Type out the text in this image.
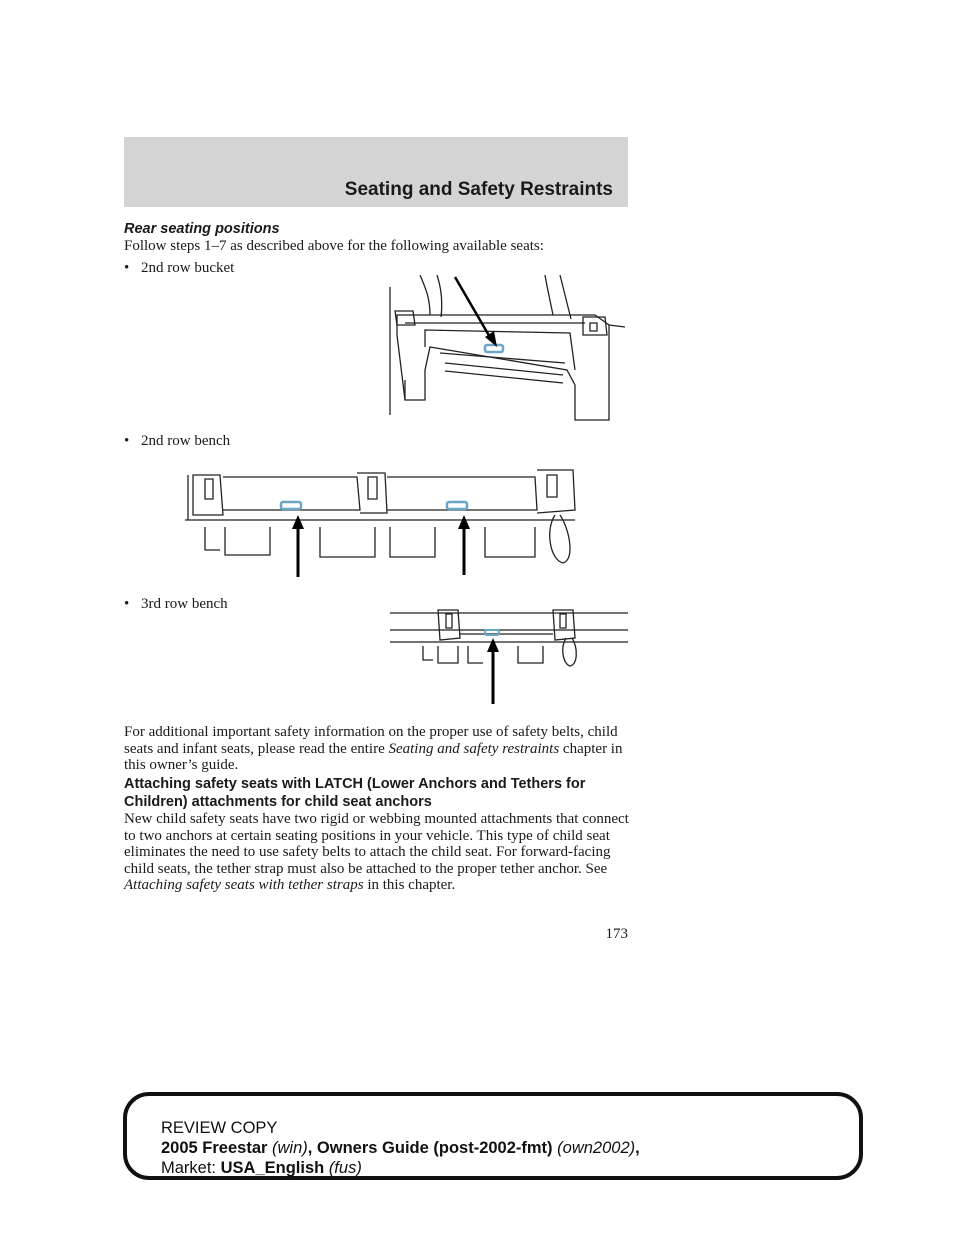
Seating and Safety Restraints

Rear seating positions

Follow steps 1–7 as described above for the following available seats:

• 2nd row bucket
• 2nd row bench
• 3rd row bench

For additional important safety information on the proper use of safety belts, child seats and infant seats, please read the entire Seating and safety restraints chapter in this owner’s guide.

Attaching safety seats with LATCH (Lower Anchors and Tethers for Children) attachments for child seat anchors

New child safety seats have two rigid or webbing mounted attachments that connect to two anchors at certain seating positions in your vehicle. This type of child seat eliminates the need to use safety belts to attach the child seat. For forward-facing child seats, the tether strap must also be attached to the proper tether anchor. See Attaching safety seats with tether straps in this chapter.

173
REVIEW COPY
2005 Freestar (win), Owners Guide (post-2002-fmt) (own2002),
Market: USA_English (fus)
